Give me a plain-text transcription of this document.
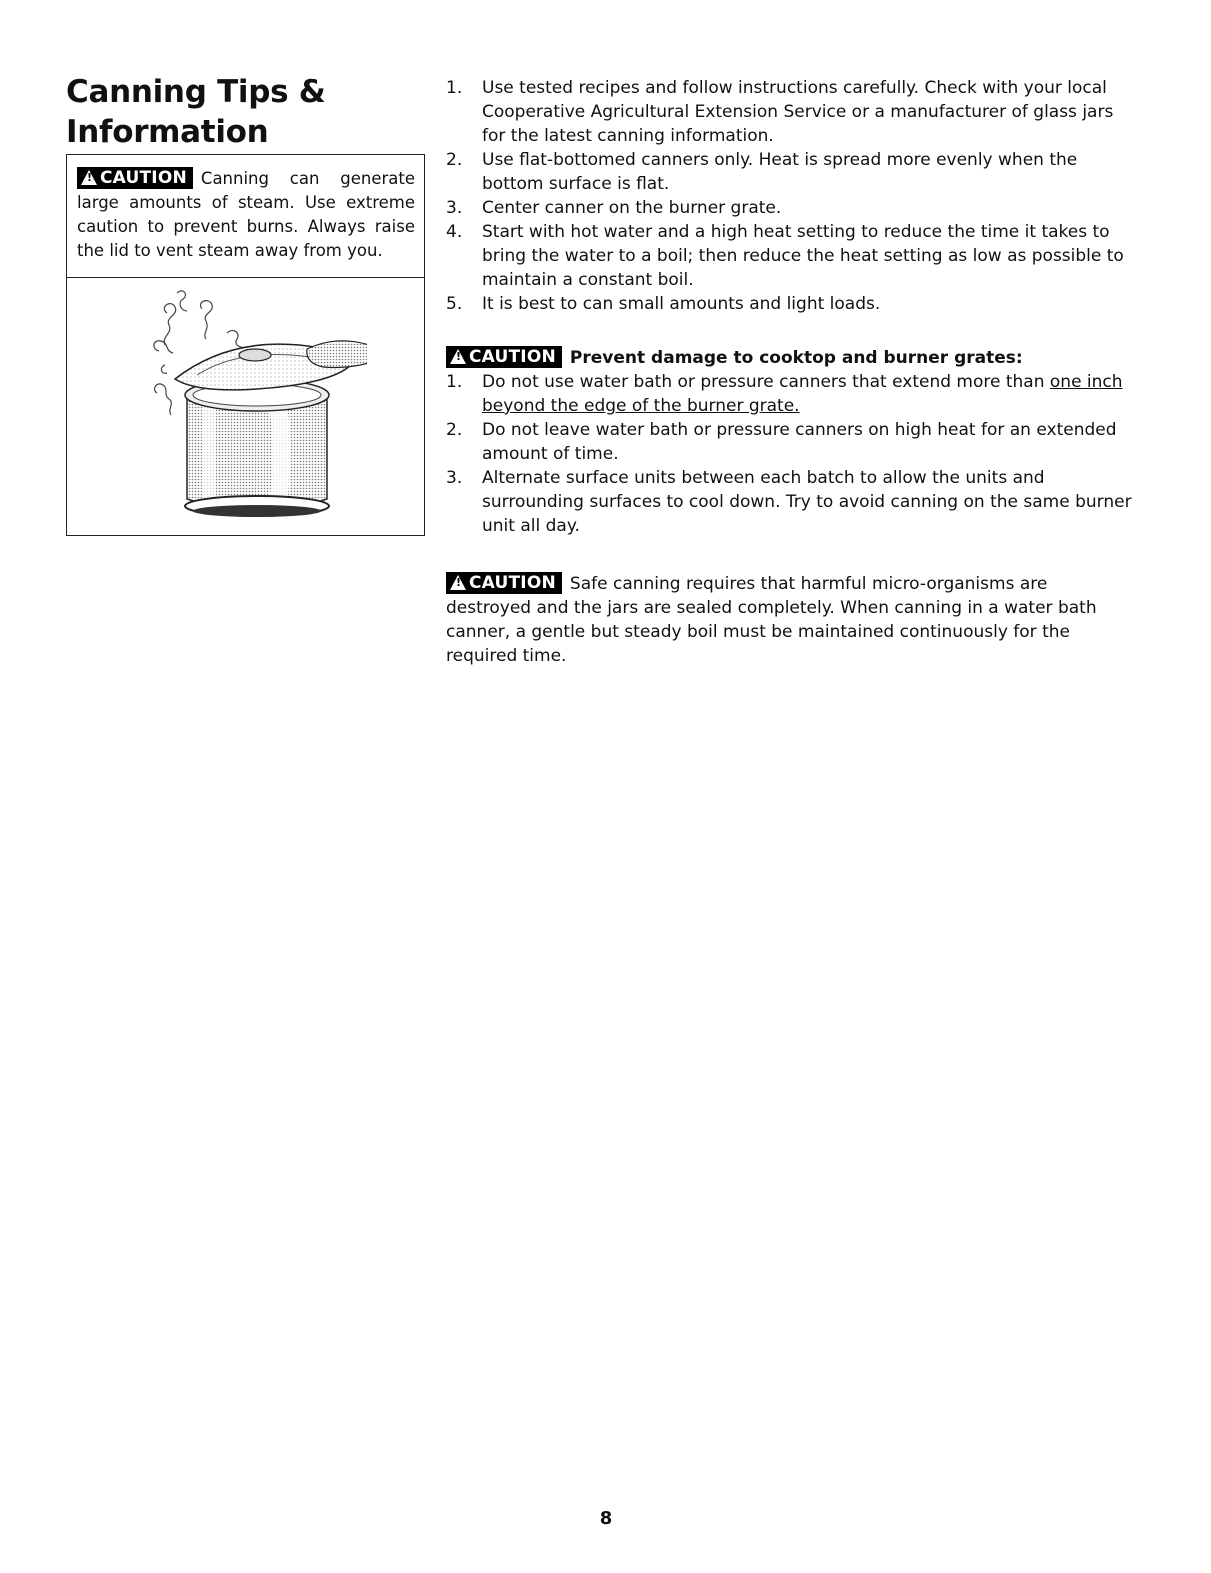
Canning Tips &
Information
!CAUTION Canning can generate large amounts of steam. Use extreme caution to prevent burns. Always raise the lid to vent steam away from you.
1.	Use tested recipes and follow instructions carefully. Check with your local Cooperative Agricultural Extension Service or a manufacturer of glass jars for the latest canning information.
2.	Use flat-bottomed canners only. Heat is spread more evenly when the bottom surface is flat.
3.	Center canner on the burner grate.
4.	Start with hot water and a high heat setting to reduce the time it takes to bring the water to a boil; then reduce the heat setting as low as possible to maintain a constant boil.
5.	It is best to can small amounts and light loads.
!CAUTION Prevent damage to cooktop and burner grates:
1.	Do not use water bath or pressure canners that extend more than one inch beyond the edge of the burner grate.
2.	Do not leave water bath or pressure canners on high heat for an extended amount of time.
3.	Alternate surface units between each batch to allow the units and surrounding surfaces to cool down. Try to avoid canning on the same burner unit all day.
!CAUTION Safe canning requires that harmful micro-organisms are destroyed and the jars are sealed completely. When canning in a water bath canner, a gentle but steady boil must be maintained continuously for the required time.
8
